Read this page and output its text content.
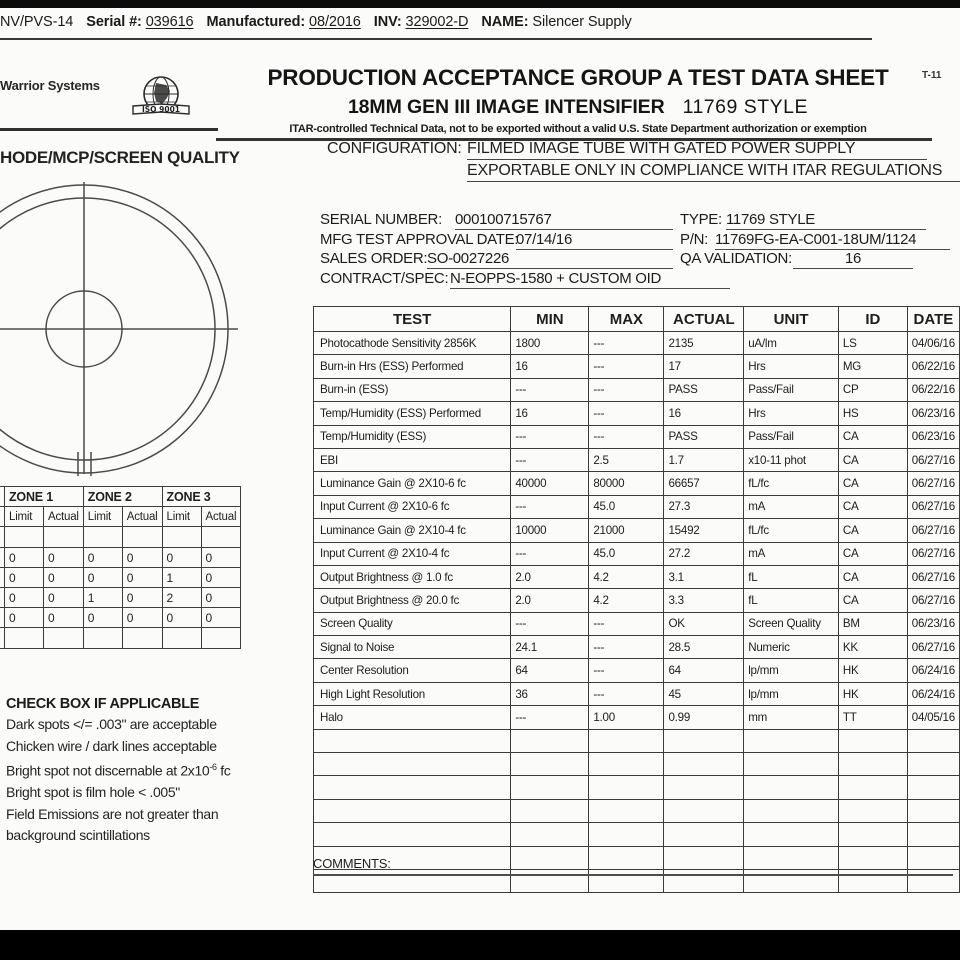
NV/PVS-14 Serial #: 039616 Manufactured: 08/2016 INV: 329002-D NAME: Silencer Supply
Warrior Systems
ISO 9001
HODE/MCP/SCREEN QUALITY
PRODUCTION ACCEPTANCE GROUP A TEST DATA SHEET
18MM GEN III IMAGE INTENSIFIER 11769 STYLE
ITAR-controlled Technical Data, not to be exported without a valid U.S. State Department authorization or exemption
T-11
CONFIGURATION: FILMED IMAGE TUBE WITH GATED POWER SUPPLY
EXPORTABLE ONLY IN COMPLIANCE WITH ITAR REGULATIONS
SERIAL NUMBER: 000100715767	TYPE: 11769 STYLE
MFG TEST APPROVAL DATE:
07/14/16	P/N: 11769FG-EA-C001-18UM/1124
SALES ORDER: SO-0027226	QA VALIDATION:	16
CONTRACT/SPEC: N-EOPPS-1580 + CUSTOM OID
	ZONE 1		ZONE 2		ZONE 3	
	Limit	Actual	Limit	Actual	Limit	Actual

	0	0	0	0	0	0
	0	0	0	0	1	0
	0	0	1	0	2	0
	0	0	0	0	0	0

CHECK BOX IF APPLICABLE
Dark spots </= .003" are acceptable
Chicken wire / dark lines acceptable
Bright spot not discernable at $2x10^{-6}$ fc
Bright spot is film hole < .005"
Field Emissions are not greater than
background scintillations
TEST	MIN	MAX	ACTUAL	UNIT	ID	DATE
Photocathode Sensitivity 2856K	1800	---	2135	uA/lm	LS	04/06/16
Burn-in Hrs (ESS) Performed	16	---	17	Hrs	MG	06/22/16
Burn-in (ESS)	---	---	PASS	Pass/Fail	CP	06/22/16
Temp/Humidity (ESS) Performed	16	---	16	Hrs	HS	06/23/16
Temp/Humidity (ESS)	---	---	PASS	Pass/Fail	CA	06/23/16
EBI	---	2.5	1.7	x10-11 phot	CA	06/27/16
Luminance Gain @ 2X10-6 fc	40000	80000	66657	fL/fc	CA	06/27/16
Input Current @ 2X10-6 fc	---	45.0	27.3	mA	CA	06/27/16
Luminance Gain @ 2X10-4 fc	10000	21000	15492	fL/fc	CA	06/27/16
Input Current @ 2X10-4 fc	---	45.0	27.2	mA	CA	06/27/16
Output Brightness @ 1.0 fc	2.0	4.2	3.1	fL	CA	06/27/16
Output Brightness @ 20.0 fc	2.0	4.2	3.3	fL	CA	06/27/16
Screen Quality	---	---	OK	Screen Quality	BM	06/23/16
Signal to Noise	24.1	---	28.5	Numeric	KK	06/27/16
Center Resolution	64	---	64	lp/mm	HK	06/24/16
High Light Resolution	36	---	45	lp/mm	HK	06/24/16
Halo	---	1.00	0.99	mm	TT	04/05/16

COMMENTS:
